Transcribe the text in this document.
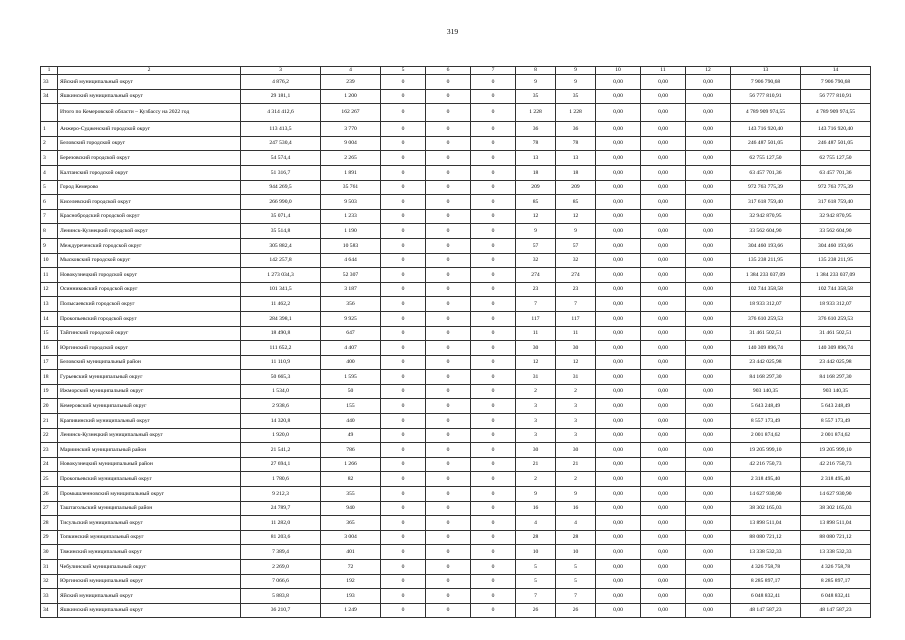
319
1	2	3	4	5	6	7	8	9	10	11	12	13	14
33	Яйский муниципальный округ	4 876,2	239	0	0	0	9	9	0,00	0,00	0,00	7 906 790,68	7 906 790,68
34	Яшкинский муниципальный округ	29 181,1	1 200	0	0	0	35	35	0,00	0,00	0,00	56 777 810,91	56 777 810,91
	Итого по Кемеровской области – Кузбассу на 2022 год	4 314 412,6	162 267	0	0	0	1 228	1 228	0,00	0,00	0,00	4 789 909 974,55	4 789 909 974,55
1	Анжеро-Судженский городской округ	113 413,5	3 770	0	0	0	36	36	0,00	0,00	0,00	143 716 920,40	143 716 920,40
2	Беловский городской округ	247 530,4	9 004	0	0	0	78	78	0,00	0,00	0,00	246 487 501,05	246 487 501,05
3	Березовский городской округ	54 574,4	2 265	0	0	0	13	13	0,00	0,00	0,00	62 755 127,50	62 755 127,50
4	Калтанский городской округ	51 316,7	1 891	0	0	0	18	18	0,00	0,00	0,00	63 457 701,36	63 457 701,36
5	Город Кемерово	944 269,5	35 761	0	0	0	209	209	0,00	0,00	0,00	972 763 775,39	972 763 775,39
6	Киселевский городской округ	266 990,0	9 503	0	0	0	85	85	0,00	0,00	0,00	317 618 759,40	317 618 759,40
7	Краснобродский городской округ	35 071,4	1 233	0	0	0	12	12	0,00	0,00	0,00	32 942 870,95	32 942 870,95
8	Ленинск-Кузнецкий городской округ	35 514,8	1 190	0	0	0	9	9	0,00	0,00	0,00	33 562 604,90	33 562 604,90
9	Междуреченский городской округ	305 882,4	10 583	0	0	0	57	57	0,00	0,00	0,00	304 460 193,66	304 460 193,66
10	Мысковский городской округ	142 257,8	4 644	0	0	0	32	32	0,00	0,00	0,00	135 238 211,95	135 238 211,95
11	Новокузнецкий городской округ	1 273 034,3	52 307	0	0	0	274	274	0,00	0,00	0,00	1 384 233 037,09	1 384 233 037,09
12	Осинниковский городской округ	101 341,5	3 187	0	0	0	23	23	0,00	0,00	0,00	102 744 358,58	102 744 358,58
13	Полысаевский городской округ	11 462,2	356	0	0	0	7	7	0,00	0,00	0,00	18 933 312,07	18 933 312,07
14	Прокопьевский городской округ	284 398,1	9 925	0	0	0	117	117	0,00	0,00	0,00	376 610 259,53	376 610 259,53
15	Тайгинский городской округ	18 490,8	647	0	0	0	11	11	0,00	0,00	0,00	31 461 502,51	31 461 502,51
16	Юргинский городской округ	111 652,2	4 407	0	0	0	30	30	0,00	0,00	0,00	140 309 896,74	140 309 896,74
17	Беловский муниципальный район	11 110,9	400	0	0	0	12	12	0,00	0,00	0,00	23 442 025,98	23 442 025,98
18	Гурьевский муниципальный округ	50 665,3	1 595	0	0	0	31	31	0,00	0,00	0,00	84 168 297,30	84 168 297,30
19	Ижморский муниципальный округ	1 534,0	50	0	0	0	2	2	0,00	0,00	0,00	903 140,35	903 140,35
20	Кемеровский муниципальный округ	2 938,6	155	0	0	0	3	3	0,00	0,00	0,00	5 643 248,49	5 643 248,49
21	Крапивинский муниципальный округ	14 320,8	440	0	0	0	3	3	0,00	0,00	0,00	8 557 173,49	8 557 173,49
22	Ленинск-Кузнецкий муниципальный округ	1 920,0	49	0	0	0	3	3	0,00	0,00	0,00	2 001 874,62	2 001 874,62
23	Мариинский муниципальный район	21 541,2	786	0	0	0	30	30	0,00	0,00	0,00	19 205 999,10	19 205 999,10
24	Новокузнецкий муниципальный район	27 694,1	1 266	0	0	0	21	21	0,00	0,00	0,00	42 216 750,73	42 216 750,73
25	Прокопьевский муниципальный округ	1 780,6	82	0	0	0	2	2	0,00	0,00	0,00	2 318 495,40	2 318 495,40
26	Промышленновский муниципальный округ	9 212,3	355	0	0	0	9	9	0,00	0,00	0,00	14 627 930,90	14 627 930,90
27	Таштагольский муниципальный район	24 789,7	940	0	0	0	16	16	0,00	0,00	0,00	38 302 165,03	38 302 165,03
28	Тисульский муниципальный округ	11 282,0	365	0	0	0	4	4	0,00	0,00	0,00	13 898 511,04	13 898 511,04
29	Топкинский муниципальный округ	81 203,6	3 004	0	0	0	28	28	0,00	0,00	0,00	88 080 721,12	88 080 721,12
30	Тяжинский муниципальный округ	7 389,4	401	0	0	0	10	10	0,00	0,00	0,00	13 338 532,33	13 338 532,33
31	Чебулинский муниципальный округ	2 269,0	72	0	0	0	5	5	0,00	0,00	0,00	4 326 758,78	4 326 758,78
32	Юргинский муниципальный округ	7 066,6	192	0	0	0	5	5	0,00	0,00	0,00	8 285 897,17	8 285 897,17
33	Яйский муниципальный округ	5 883,8	193	0	0	0	7	7	0,00	0,00	0,00	6 048 832,41	6 048 832,41
34	Яшкинский муниципальный округ	36 210,7	1 249	0	0	0	26	26	0,00	0,00	0,00	48 147 587,23	48 147 587,23
